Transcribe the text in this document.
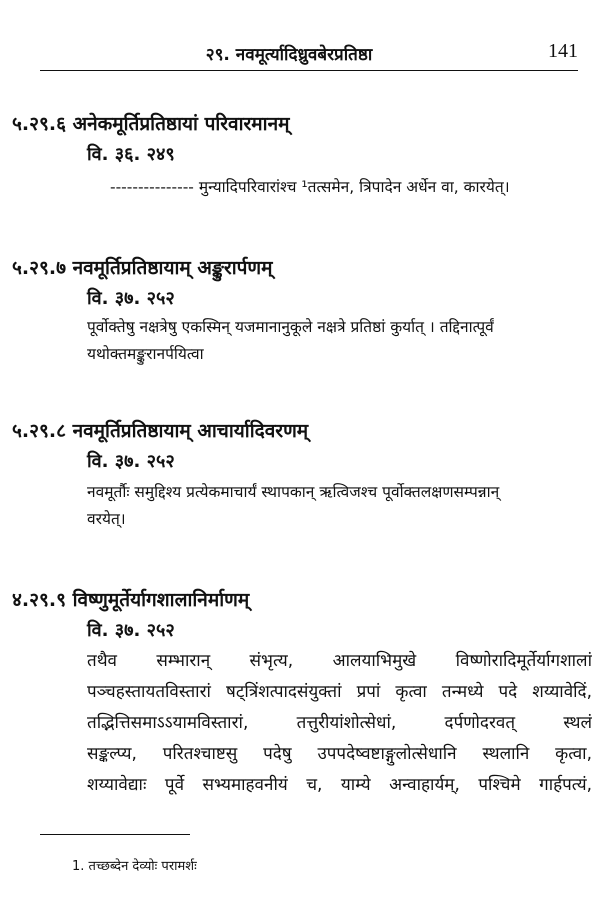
२९. नवमूर्त्यादिध्रुवबेरप्रतिष्ठा	141
५.२९.६ अनेकमूर्तिप्रतिष्ठायां परिवारमानम्
वि. ३६. २४९
--------------- मुन्यादिपरिवारांश्च ¹तत्समेन, त्रिपादेन अर्धेन वा, कारयेत्।
५.२९.७ नवमूर्तिप्रतिष्ठायाम् अङ्कुरार्पणम्
वि. ३७. २५२
पूर्वोक्तेषु नक्षत्रेषु एकस्मिन् यजमानानुकूले नक्षत्रे प्रतिष्ठां कुर्यात् । तद्दिनात्पूर्वं
यथोक्तमङ्कुरानर्पयित्वा
५.२९.८ नवमूर्तिप्रतिष्ठायाम् आचार्यादिवरणम्
वि. ३७. २५२
नवमूर्तौः समुद्दिश्य प्रत्येकमाचार्यं स्थापकान् ऋत्विजश्च पूर्वोक्तलक्षणसम्पन्नान्
वरयेत्।
४.२९.९ विष्णुमूर्तेर्यागशालानिर्माणम्
वि. ३७. २५२
तथैव सम्भारान् संभृत्य, आलयाभिमुखे विष्णोरादिमूर्तेर्यागशालां
पञ्चहस्तायतविस्तारां षट्त्रिंशत्पादसंयुक्तां प्रपां कृत्वा तन्मध्ये पदे शय्यावेदिं,
तद्भित्तिसमाऽऽयामविस्तारां, तत्तुरीयांशोत्सेधां, दर्पणोदरवत् स्थलं
सङ्कल्प्य, परितश्चाष्टसु पदेषु उपपदेष्वष्टाङ्गुलोत्सेधानि स्थलानि कृत्वा,
शय्यावेद्याः पूर्वे सभ्यमाहवनीयं च, याम्ये अन्वाहार्यम्, पश्चिमे गार्हपत्यं,
1. तच्छब्देन देव्योः परामर्शः
